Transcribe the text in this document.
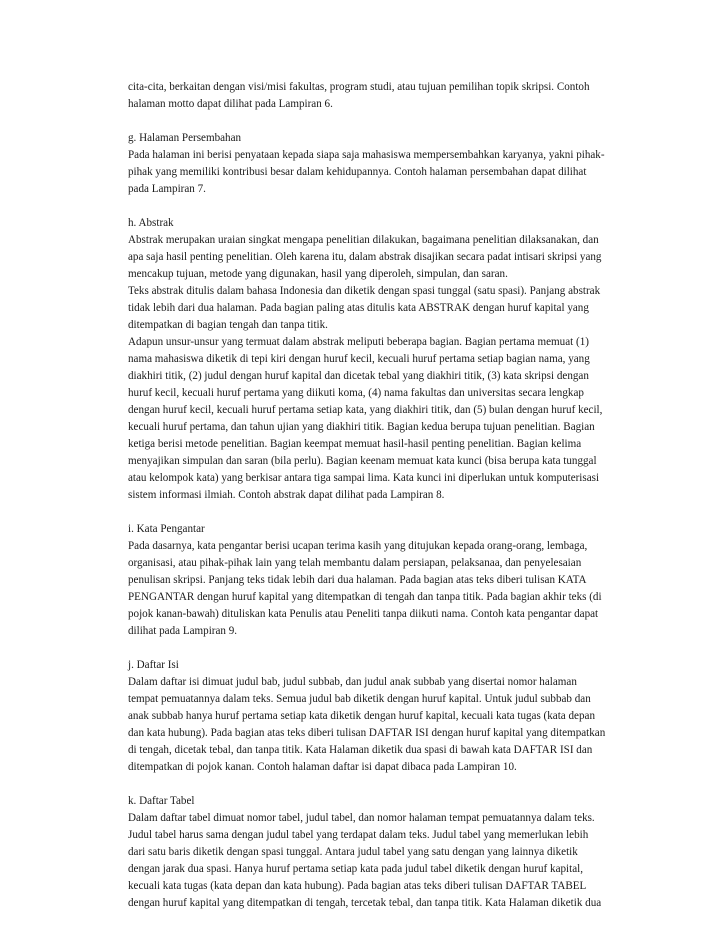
cita-cita, berkaitan dengan visi/misi fakultas, program studi, atau tujuan pemilihan topik skripsi. Contoh
halaman motto dapat dilihat pada Lampiran 6.
g. Halaman Persembahan
Pada halaman ini berisi penyataan kepada siapa saja mahasiswa mempersembahkan karyanya, yakni pihak-
pihak yang memiliki kontribusi besar dalam kehidupannya. Contoh halaman persembahan dapat dilihat
pada Lampiran 7.
h. Abstrak
Abstrak merupakan uraian singkat mengapa penelitian dilakukan, bagaimana penelitian dilaksanakan, dan
apa saja hasil penting penelitian. Oleh karena itu, dalam abstrak disajikan secara padat intisari skripsi yang
mencakup tujuan, metode yang digunakan, hasil yang diperoleh, simpulan, dan saran.
Teks abstrak ditulis dalam bahasa Indonesia dan diketik dengan spasi tunggal (satu spasi). Panjang abstrak
tidak lebih dari dua halaman. Pada bagian paling atas ditulis kata ABSTRAK dengan huruf kapital yang
ditempatkan di bagian tengah dan tanpa titik.
Adapun unsur-unsur yang termuat dalam abstrak meliputi beberapa bagian. Bagian pertama memuat (1)
nama mahasiswa diketik di tepi kiri dengan huruf kecil, kecuali huruf pertama setiap bagian nama, yang
diakhiri titik, (2) judul dengan huruf kapital dan dicetak tebal yang diakhiri titik, (3) kata skripsi dengan
huruf kecil, kecuali huruf pertama yang diikuti koma, (4) nama fakultas dan universitas secara lengkap
dengan huruf kecil, kecuali huruf pertama setiap kata, yang diakhiri titik, dan (5) bulan dengan huruf kecil,
kecuali huruf pertama, dan tahun ujian yang diakhiri titik. Bagian kedua berupa tujuan penelitian. Bagian
ketiga berisi metode penelitian. Bagian keempat memuat hasil-hasil penting penelitian. Bagian kelima
menyajikan simpulan dan saran (bila perlu). Bagian keenam memuat kata kunci (bisa berupa kata tunggal
atau kelompok kata) yang berkisar antara tiga sampai lima. Kata kunci ini diperlukan untuk komputerisasi
sistem informasi ilmiah. Contoh abstrak dapat dilihat pada Lampiran 8.
i. Kata Pengantar
Pada dasarnya, kata pengantar berisi ucapan terima kasih yang ditujukan kepada orang-orang, lembaga,
organisasi, atau pihak-pihak lain yang telah membantu dalam persiapan, pelaksanaa, dan penyelesaian
penulisan skripsi. Panjang teks tidak lebih dari dua halaman. Pada bagian atas teks diberi tulisan KATA
PENGANTAR dengan huruf kapital yang ditempatkan di tengah dan tanpa titik. Pada bagian akhir teks (di
pojok kanan-bawah) dituliskan kata Penulis atau Peneliti tanpa diikuti nama. Contoh kata pengantar dapat
dilihat pada Lampiran 9.
j. Daftar Isi
Dalam daftar isi dimuat judul bab, judul subbab, dan judul anak subbab yang disertai nomor halaman
tempat pemuatannya dalam teks. Semua judul bab diketik dengan huruf kapital. Untuk judul subbab dan
anak subbab hanya huruf pertama setiap kata diketik dengan huruf kapital, kecuali kata tugas (kata depan
dan kata hubung). Pada bagian atas teks diberi tulisan DAFTAR ISI dengan huruf kapital yang ditempatkan
di tengah, dicetak tebal, dan tanpa titik. Kata Halaman diketik dua spasi di bawah kata DAFTAR ISI dan
ditempatkan di pojok kanan. Contoh halaman daftar isi dapat dibaca pada Lampiran 10.
k. Daftar Tabel
Dalam daftar tabel dimuat nomor tabel, judul tabel, dan nomor halaman tempat pemuatannya dalam teks.
Judul tabel harus sama dengan judul tabel yang terdapat dalam teks. Judul tabel yang memerlukan lebih
dari satu baris diketik dengan spasi tunggal. Antara judul tabel yang satu dengan yang lainnya diketik
dengan jarak dua spasi. Hanya huruf pertama setiap kata pada judul tabel diketik dengan huruf kapital,
kecuali kata tugas (kata depan dan kata hubung). Pada bagian atas teks diberi tulisan DAFTAR TABEL
dengan huruf kapital yang ditempatkan di tengah, tercetak tebal, dan tanpa titik. Kata Halaman diketik dua
